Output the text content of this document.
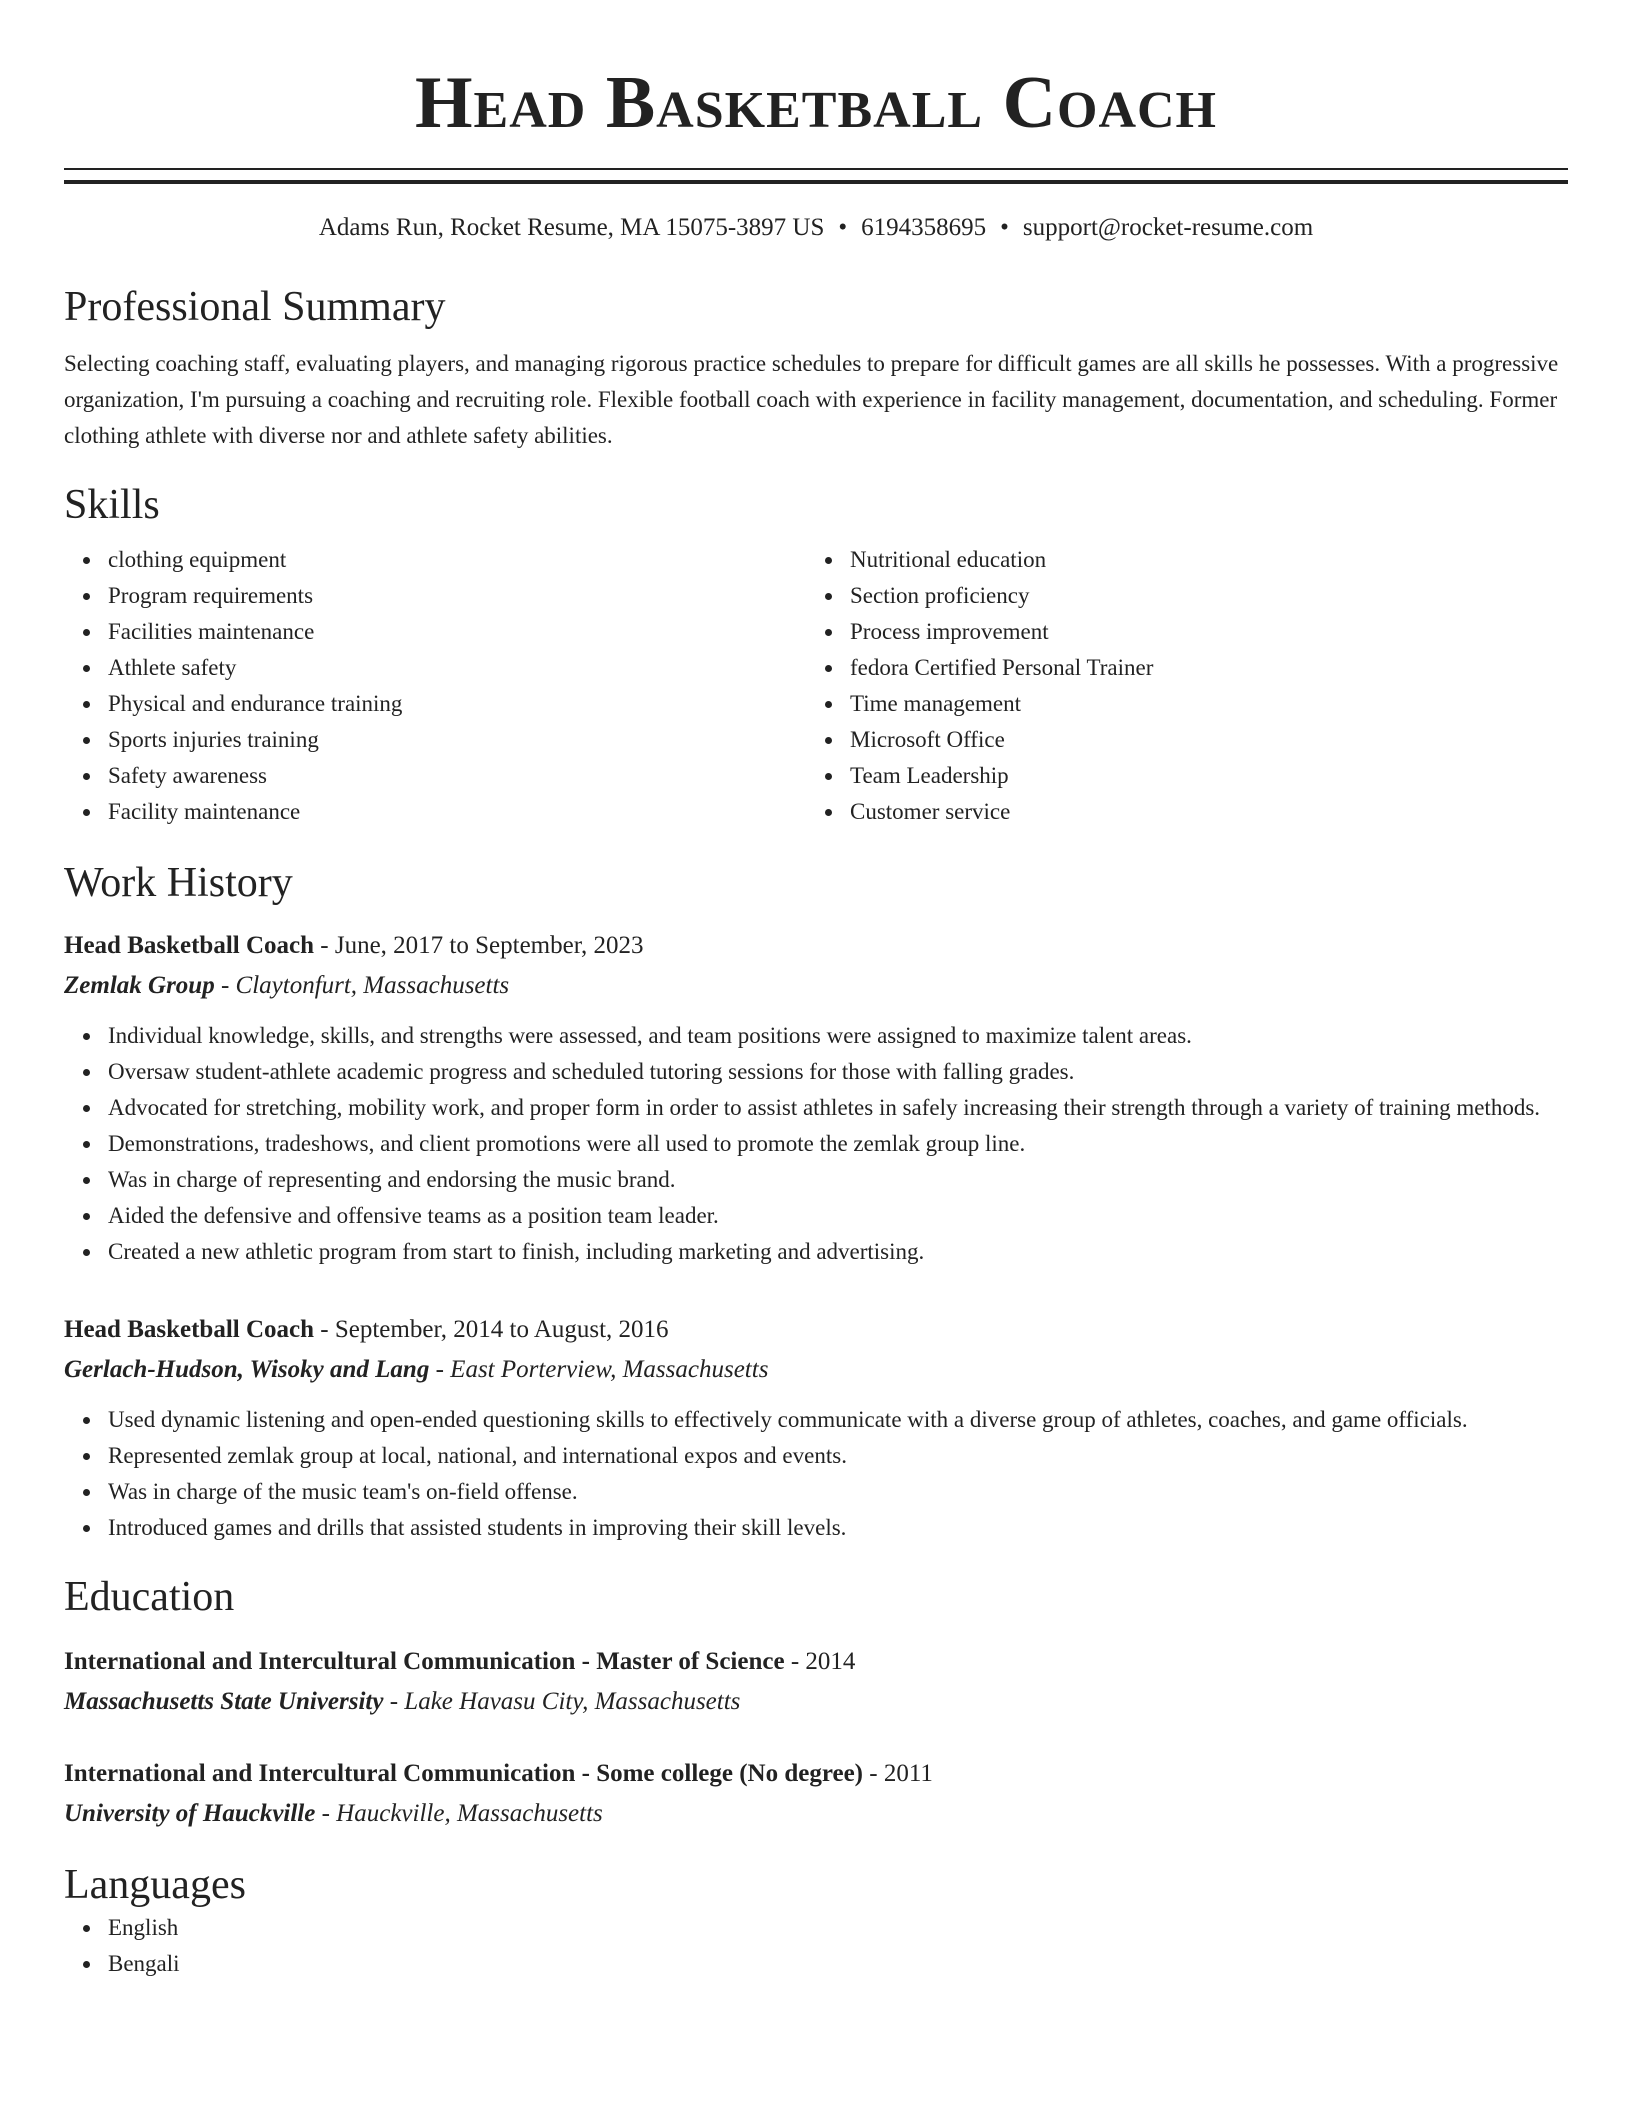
Head Basketball Coach
Adams Run, Rocket Resume, MA 15075-3897 US • 6194358695 • support@rocket-resume.com
Professional Summary

Selecting coaching staff, evaluating players, and managing rigorous practice schedules to prepare for difficult games are all skills he possesses. With a progressive organization, I'm pursuing a coaching and recruiting role. Flexible football coach with experience in facility management, documentation, and scheduling. Former clothing athlete with diverse nor and athlete safety abilities.

Skills
clothing equipment
Program requirements
Facilities maintenance
Athlete safety
Physical and endurance training
Sports injuries training
Safety awareness
Facility maintenance
Nutritional education
Section proficiency
Process improvement
fedora Certified Personal Trainer
Time management
Microsoft Office
Team Leadership
Customer service
Work History
Head Basketball Coach - June, 2017 to September, 2023
Zemlak Group - Claytonfurt, Massachusetts
Individual knowledge, skills, and strengths were assessed, and team positions were assigned to maximize talent areas.
Oversaw student-athlete academic progress and scheduled tutoring sessions for those with falling grades.
Advocated for stretching, mobility work, and proper form in order to assist athletes in safely increasing their strength through a variety of training methods.
Demonstrations, tradeshows, and client promotions were all used to promote the zemlak group line.
Was in charge of representing and endorsing the music brand.
Aided the defensive and offensive teams as a position team leader.
Created a new athletic program from start to finish, including marketing and advertising.
Head Basketball Coach - September, 2014 to August, 2016
Gerlach-Hudson, Wisoky and Lang - East Porterview, Massachusetts
Used dynamic listening and open-ended questioning skills to effectively communicate with a diverse group of athletes, coaches, and game officials.
Represented zemlak group at local, national, and international expos and events.
Was in charge of the music team's on-field offense.
Introduced games and drills that assisted students in improving their skill levels.
Education
International and Intercultural Communication - Master of Science - 2014
Massachusetts State University - Lake Havasu City, Massachusetts
International and Intercultural Communication - Some college (No degree) - 2011
University of Hauckville - Hauckville, Massachusetts
Languages
English
Bengali
